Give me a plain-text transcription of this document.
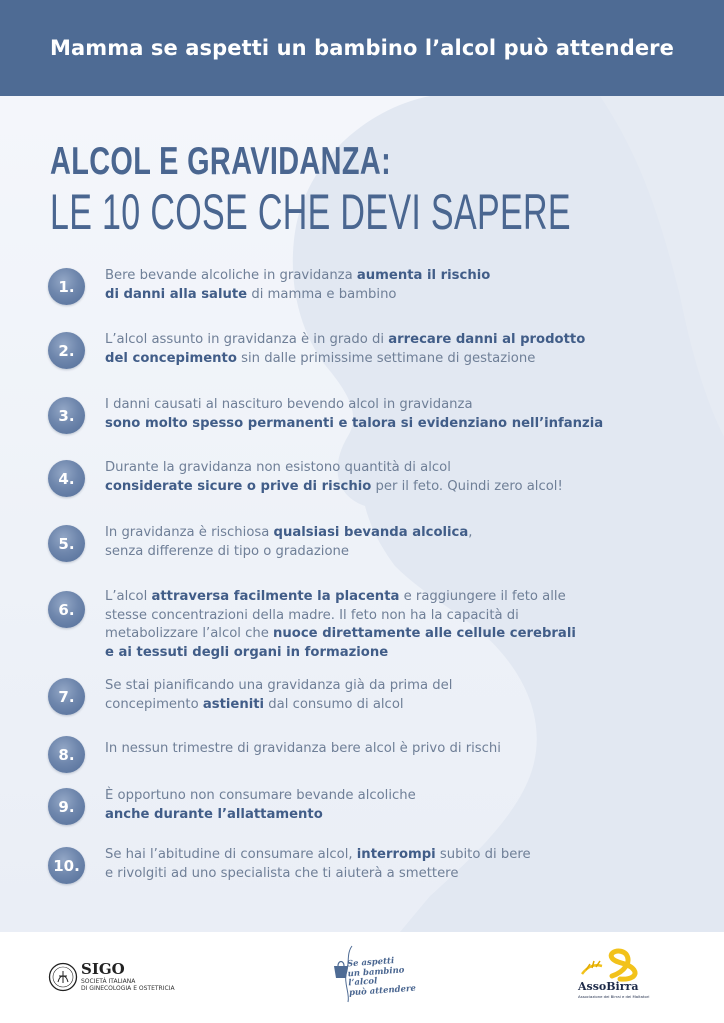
Mamma se aspetti un bambino l’alcol può attendere
ALCOL E GRAVIDANZA:
LE 10 COSE CHE DEVI SAPERE
1.
Bere bevande alcoliche in gravidanza aumenta il rischio
di danni alla salute di mamma e bambino
2.
L’alcol assunto in gravidanza è in grado di arrecare danni al prodotto
del concepimento sin dalle primissime settimane di gestazione
3.
I danni causati al nascituro bevendo alcol in gravidanza
sono molto spesso permanenti e talora si evidenziano nell’infanzia
4.
Durante la gravidanza non esistono quantità di alcol
considerate sicure o prive di rischio per il feto. Quindi zero alcol!
5.
In gravidanza è rischiosa qualsiasi bevanda alcolica,
senza differenze di tipo o gradazione
6.
L’alcol attraversa facilmente la placenta e raggiungere il feto alle
stesse concentrazioni della madre. Il feto non ha la capacità di
metabolizzare l’alcol che nuoce direttamente alle cellule cerebrali
e ai tessuti degli organi in formazione
7.
Se stai pianificando una gravidanza già da prima del
concepimento astieniti dal consumo di alcol
8.	In nessun trimestre di gravidanza bere alcol è privo di rischi
9.
È opportuno non consumare bevande alcoliche
anche durante l’allattamento
10.
Se hai l’abitudine di consumare alcol, interrompi subito di bere
e rivolgiti ad uno specialista che ti aiuterà a smettere
SIGO
SOCIETÀ ITALIANA
DI GINECOLOGIA E OSTETRICIA
Se aspetti
un bambino
l’alcol
può attendere	AssoBirra
Associazione dei Birrai e dei Maltatori
